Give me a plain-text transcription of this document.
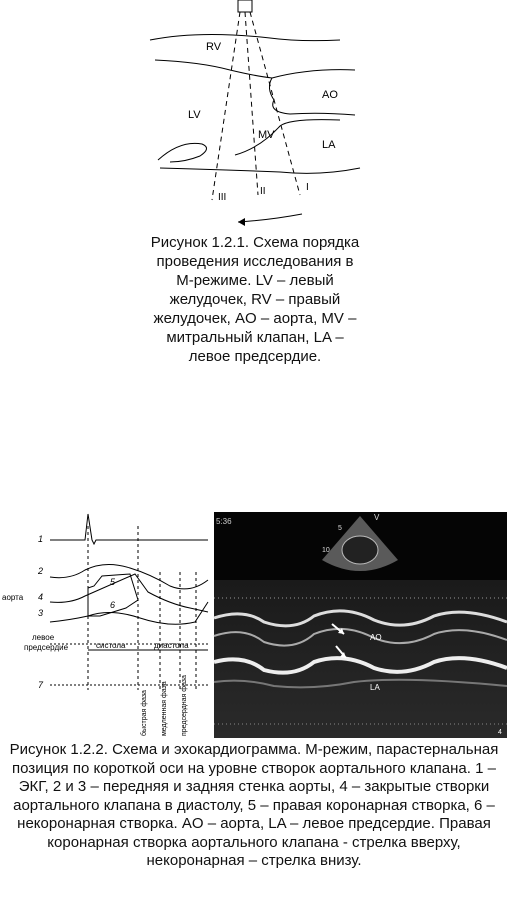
RV
LV
AO
MV
LA
I
II
III
Рисунок 1.2.1. Схема порядка проведения исследования в М-режиме. LV – левый желудочек, RV – правый желудочек, AO – аорта, MV – митральный клапан, LA – левое предсердие.
1
2
4
3
7
5
6
аорта
левое
предсердие	систола	диастола
быстрая фаза медленная фаза предсердная фаза
5:36	V
5
10
AO
LA
4
Рисунок 1.2.2. Схема и эхокардиограмма. М-режим, парастернальная позиция по короткой оси на уровне створок аортального клапана. 1 – ЭКГ, 2 и 3 – передняя и задняя стенка аорты, 4 – закрытые створки аортального клапана в диастолу, 5 – правая коронарная створка, 6 – некоронарная створка. AO – аорта, LA – левое предсердие. Правая коронарная створка аортального клапана - стрелка вверху, некоронарная – стрелка внизу.
